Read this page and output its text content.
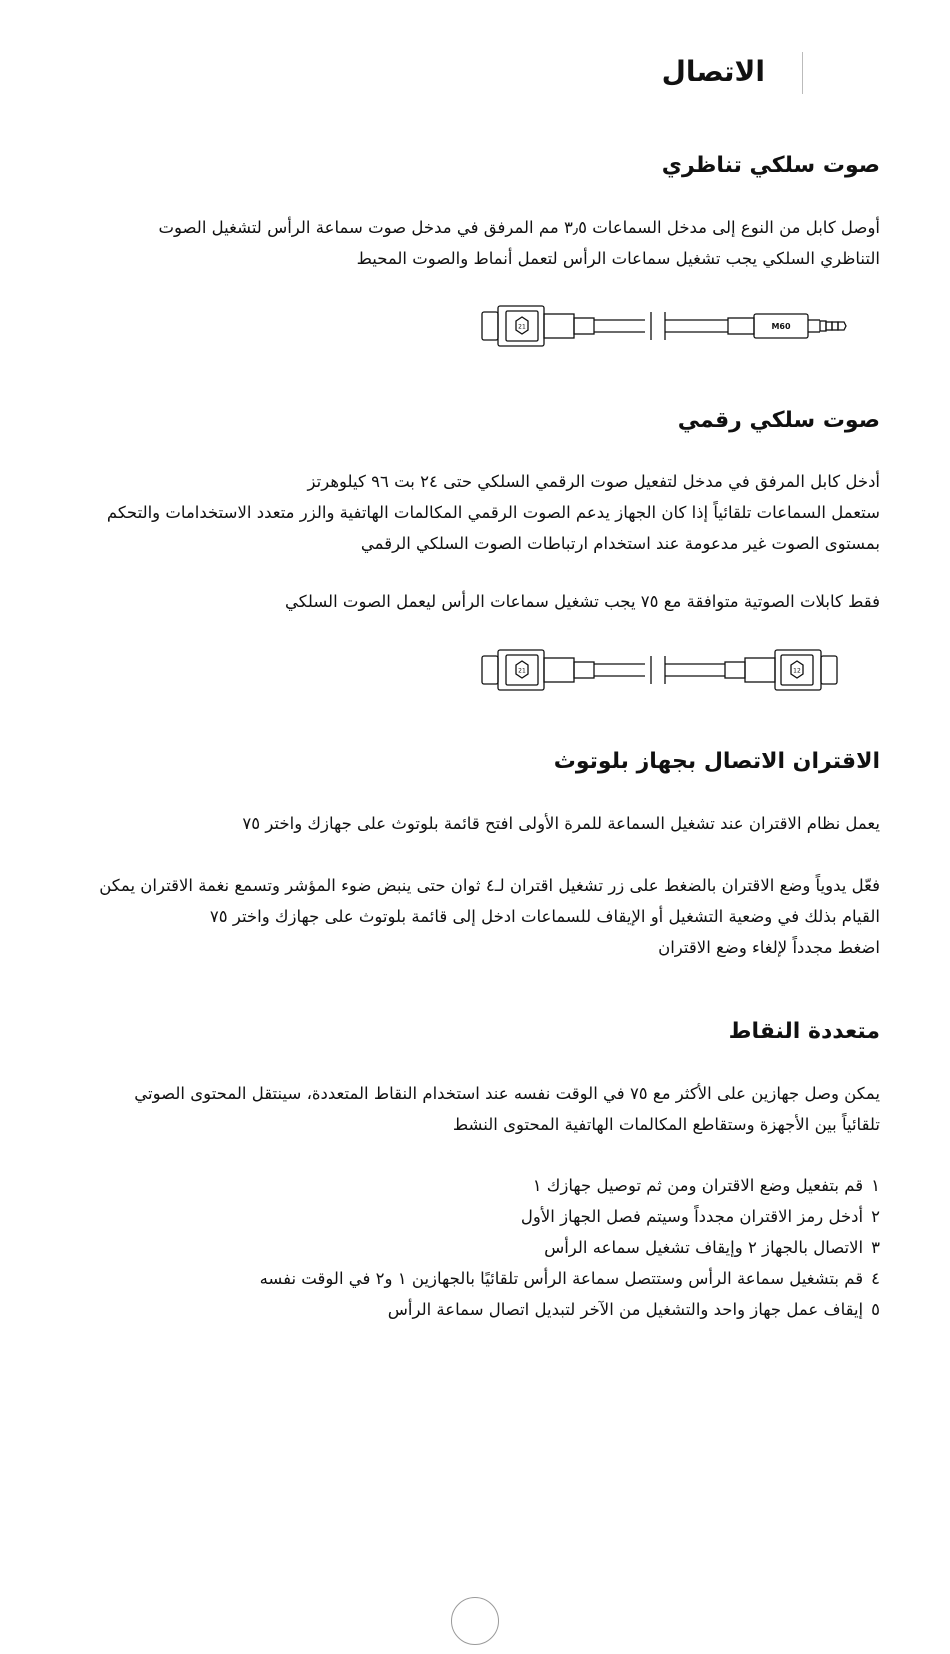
الاتصال
صوت سلكي تناظري

أوصل كابل من النوع إلى مدخل السماعات ٣٫٥ مم المرفق في مدخل صوت سماعة الرأس لتشغيل الصوت

التناظري السلكي يجب تشغيل سماعات الرأس لتعمل أنماط والصوت المحيط

21	M60
صوت سلكي رقمي

أدخل كابل المرفق في مدخل لتفعيل صوت الرقمي السلكي حتى ٢٤ بت ٩٦ كيلوهرتز

ستعمل السماعات تلقائياً إذا كان الجهاز يدعم الصوت الرقمي المكالمات الهاتفية والزر متعدد الاستخدامات والتحكم

بمستوى الصوت غير مدعومة عند استخدام ارتباطات الصوت السلكي الرقمي

فقط كابلات الصوتية متوافقة مع ٧٥ يجب تشغيل سماعات الرأس ليعمل الصوت السلكي

21	12
الاقتران الاتصال بجهاز بلوتوث

يعمل نظام الاقتران عند تشغيل السماعة للمرة الأولى افتح قائمة بلوتوث على جهازك واختر ٧٥

فعّل يدوياً وضع الاقتران بالضغط على زر تشغيل اقتران لـ٤ ثوان حتى ينبض ضوء المؤشر وتسمع نغمة الاقتران يمكن

القيام بذلك في وضعية التشغيل أو الإيقاف للسماعات ادخل إلى قائمة بلوتوث على جهازك واختر ٧٥

اضغط مجدداً لإلغاء وضع الاقتران

متعددة النقاط

يمكن وصل جهازين على الأكثر مع ٧٥ في الوقت نفسه عند استخدام النقاط المتعددة، سينتقل المحتوى الصوتي

تلقائياً بين الأجهزة وستقاطع المكالمات الهاتفية المحتوى النشط

١قم بتفعيل وضع الاقتران ومن ثم توصيل جهازك ١
٢أدخل رمز الاقتران مجدداً وسيتم فصل الجهاز الأول
٣الاتصال بالجهاز ٢ وإيقاف تشغيل سماعه الرأس
٤قم بتشغيل سماعة الرأس وستتصل سماعة الرأس تلقائيًا بالجهازين ١ و٢ في الوقت نفسه
٥إيقاف عمل جهاز واحد والتشغيل من الآخر لتبديل اتصال سماعة الرأس
